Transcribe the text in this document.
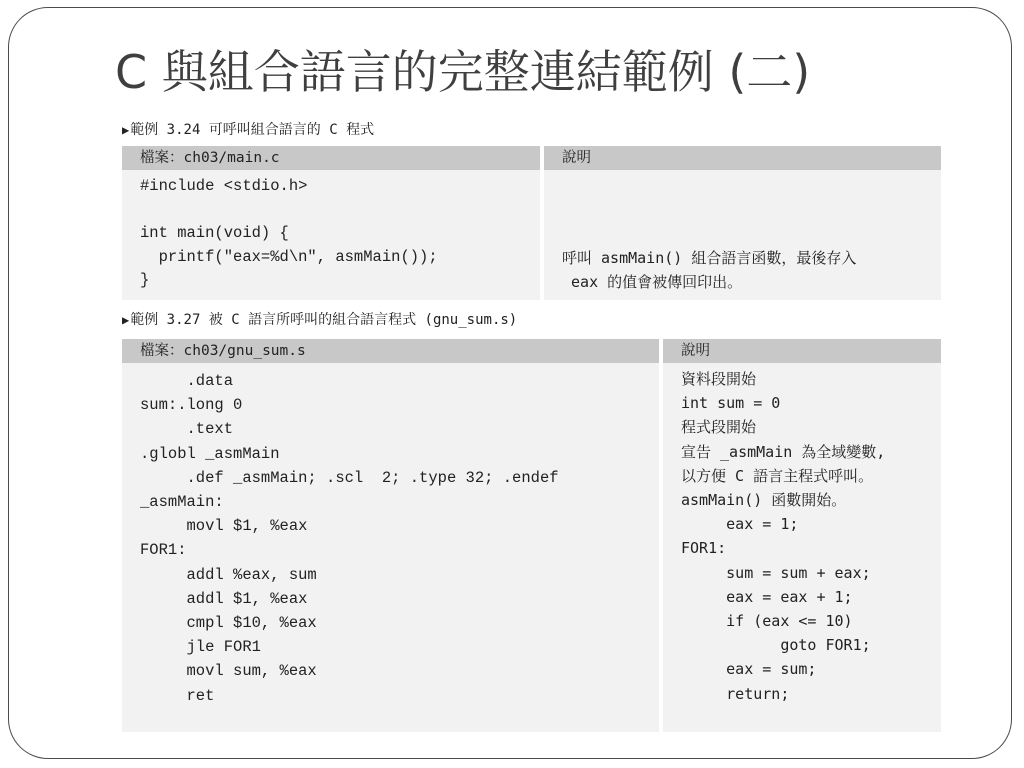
C 與組合語言的完整連結範例 (二)
▶範例 3.24 可呼叫組合語言的 C 程式
檔案：ch03/main.c
#include <stdio.h>

int main(void) {
printf("eax=%d\n", asmMain());
}
說明
呼叫 asmMain() 組合語言函數，最後存入
eax 的值會被傳回印出。
▶範例 3.27 被 C 語言所呼叫的組合語言程式 (gnu_sum.s)
檔案：ch03/gnu_sum.s
.data
sum:.long 0
.text
.globl _asmMain
.def _asmMain; .scl  2; .type 32; .endef
_asmMain:
movl $1, %eax
FOR1:
addl %eax, sum
addl $1, %eax
cmpl $10, %eax
jle FOR1
movl sum, %eax
ret
說明
資料段開始
int sum = 0
程式段開始
宣告 _asmMain 為全域變數,
以方便 C 語言主程式呼叫。
asmMain() 函數開始。
eax = 1;
FOR1:
sum = sum + eax;
eax = eax + 1;
if (eax <= 10)
goto FOR1;
eax = sum;
return;
